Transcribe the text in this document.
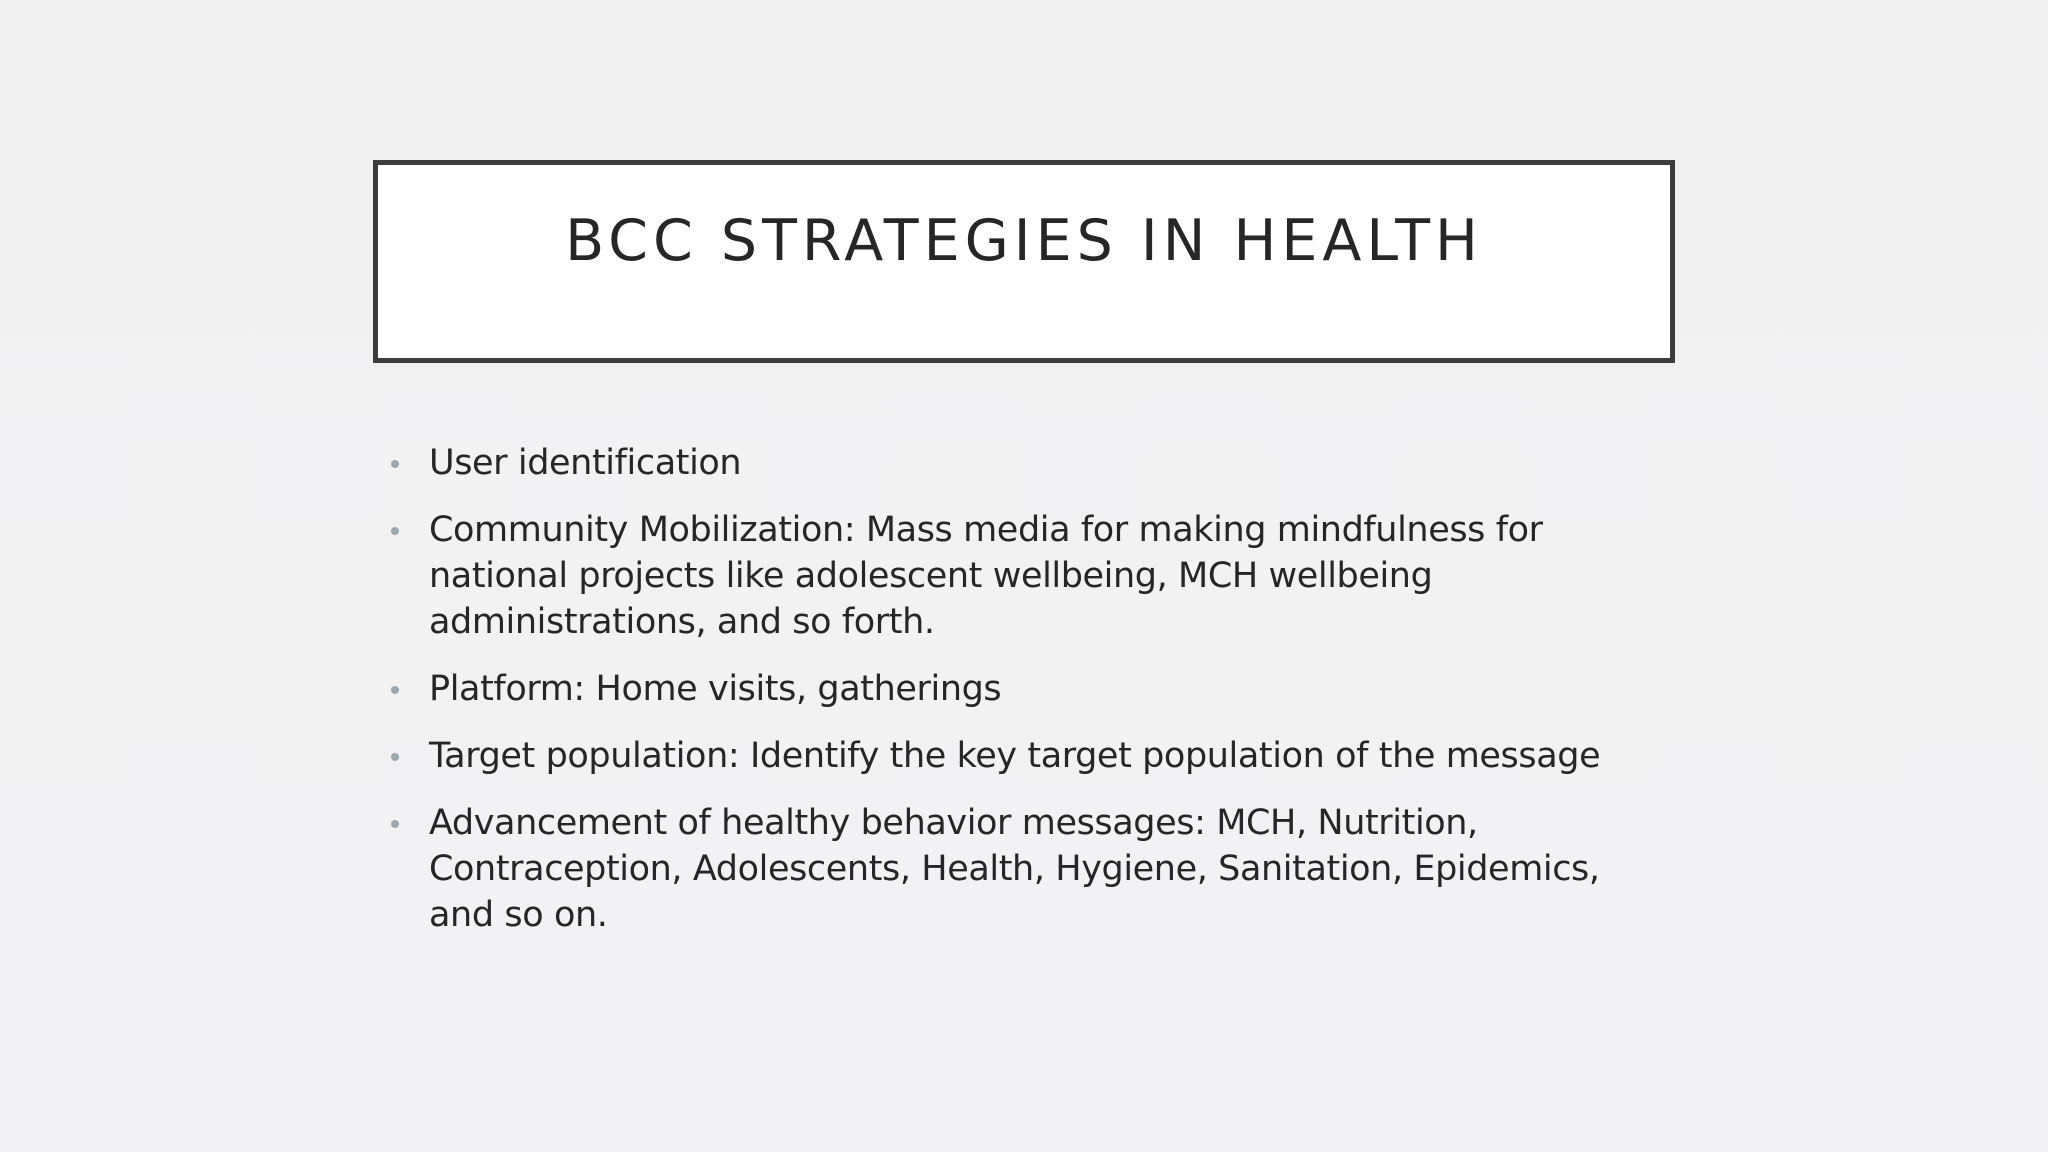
BCC STRATEGIES IN HEALTH
User identification
Community Mobilization: Mass media for making mindfulness for national projects like adolescent wellbeing, MCH wellbeing administrations, and so forth.
Platform: Home visits, gatherings
Target population: Identify the key target population of the message
Advancement of healthy behavior messages: MCH, Nutrition, Contraception, Adolescents, Health, Hygiene, Sanitation, Epidemics, and so on.
